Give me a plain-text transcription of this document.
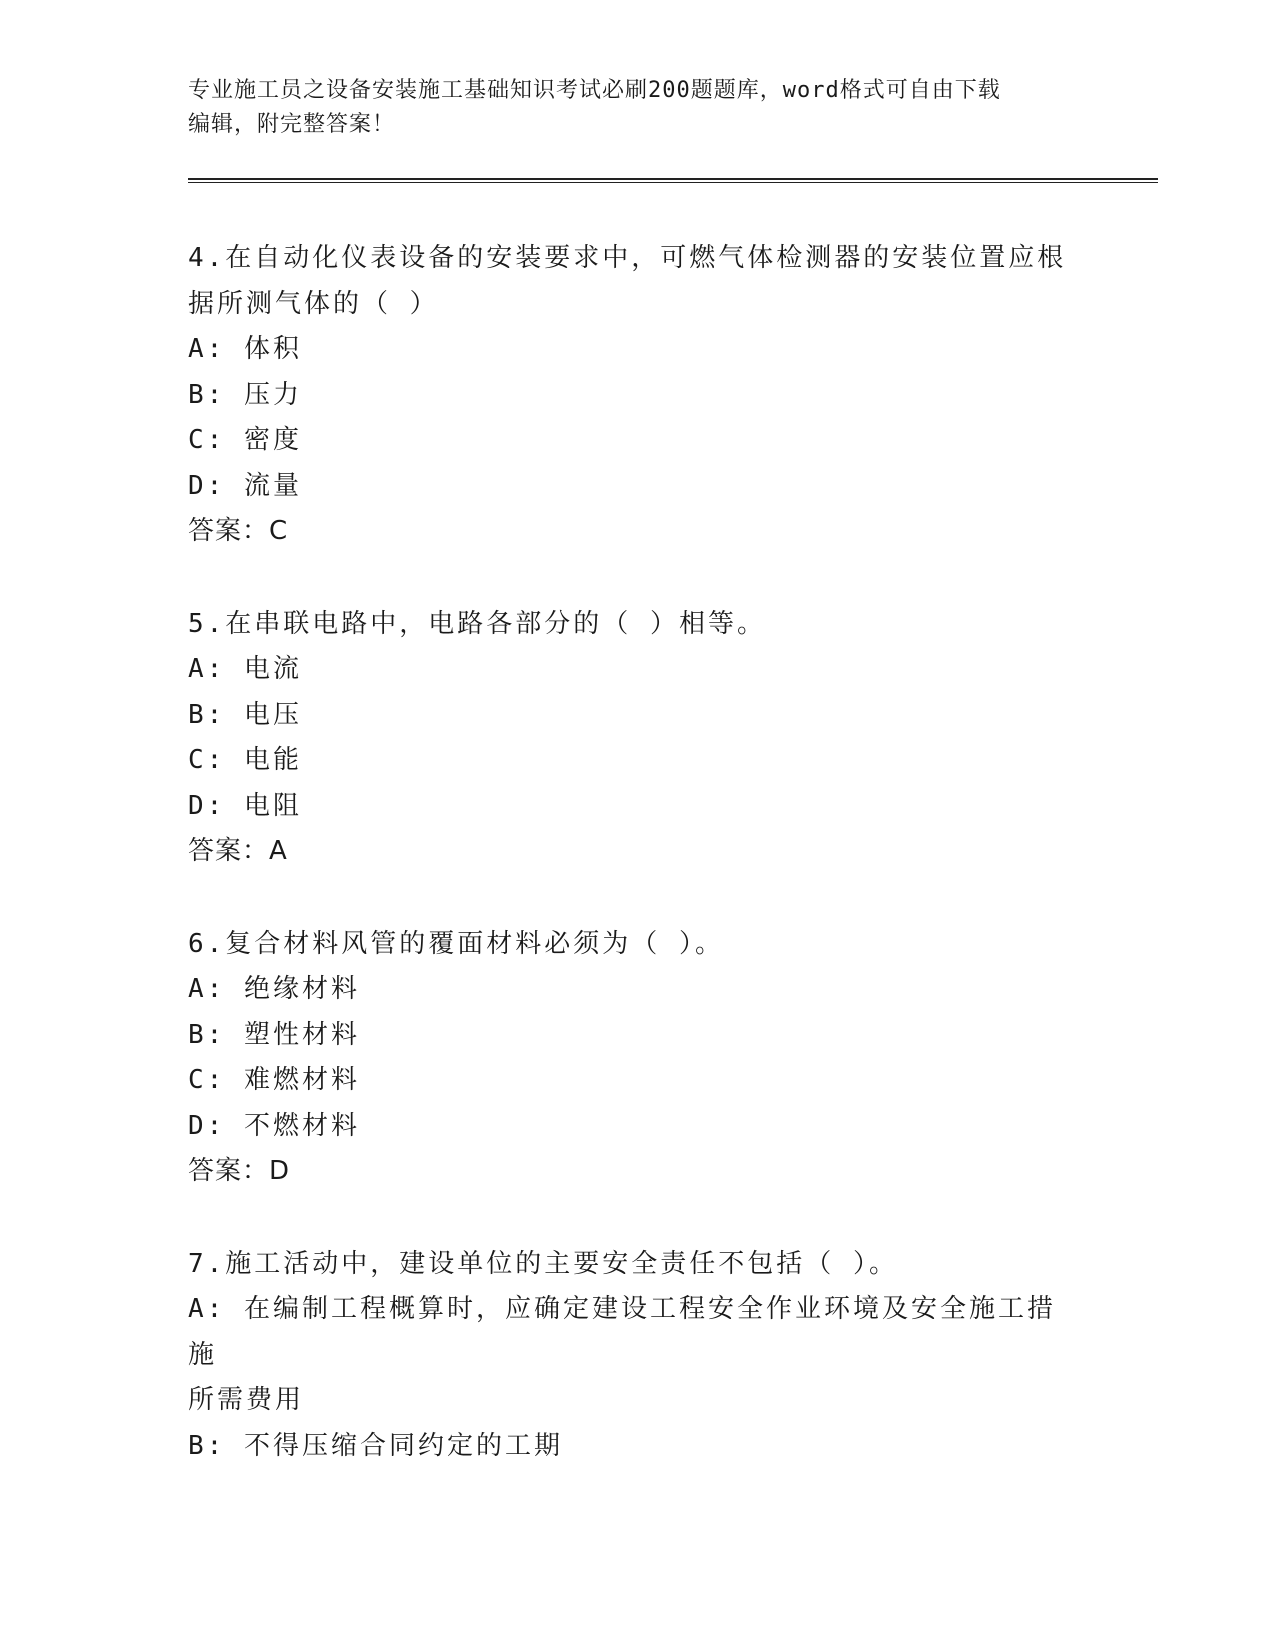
专业施工员之设备安装施工基础知识考试必刷200题题库，word格式可自由下载
编辑，附完整答案！
4.在自动化仪表设备的安装要求中，可燃气体检测器的安装位置应根
据所测气体的（ ）
A: 体积
B: 压力
C: 密度
D: 流量
答案：C
5.在串联电路中，电路各部分的（ ）相等。
A: 电流
B: 电压
C: 电能
D: 电阻
答案：A
6.复合材料风管的覆面材料必须为（ ）。
A: 绝缘材料
B: 塑性材料
C: 难燃材料
D: 不燃材料
答案：D
7.施工活动中，建设单位的主要安全责任不包括（ ）。
A: 在编制工程概算时，应确定建设工程安全作业环境及安全施工措施
所需费用
B: 不得压缩合同约定的工期
